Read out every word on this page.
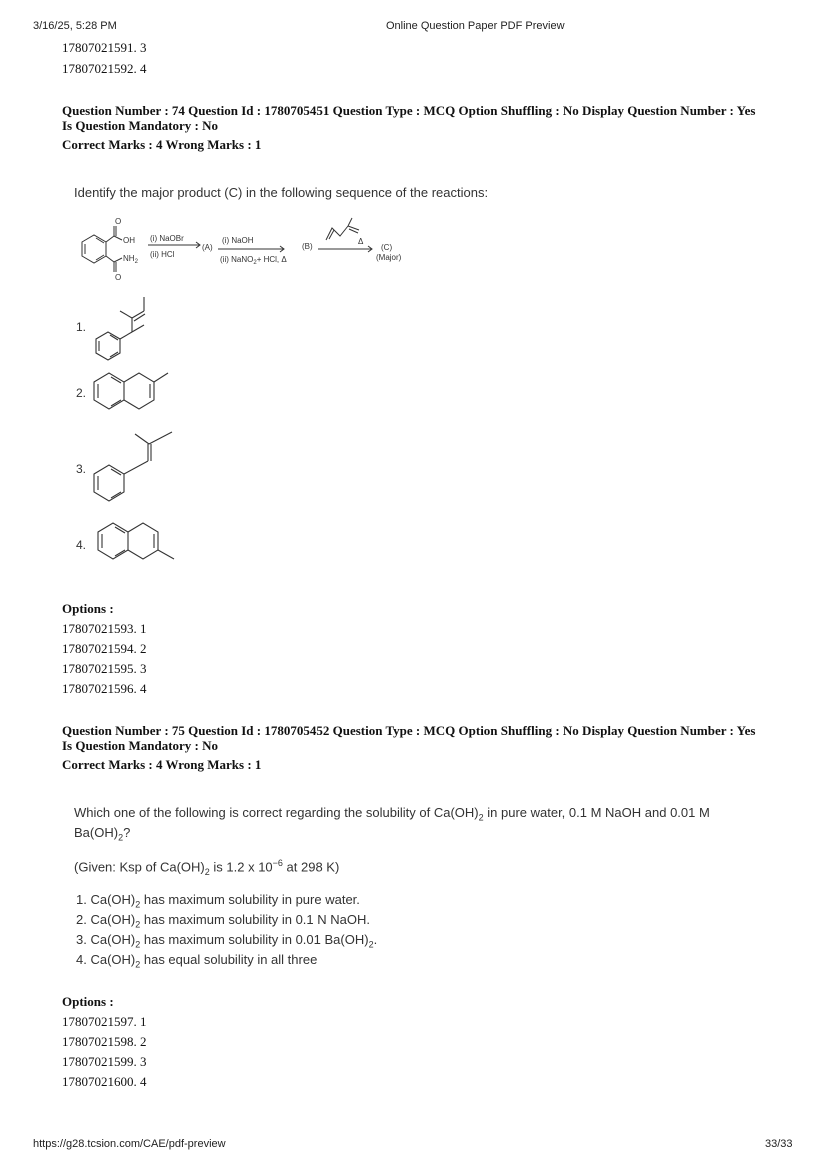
3/16/25, 5:28 PM	Online Question Paper PDF Preview
17807021591. 3
17807021592. 4
Question Number : 74 Question Id : 1780705451 Question Type : MCQ Option Shuffling : No Display Question Number : Yes
Is Question Mandatory : No
Correct Marks : 4 Wrong Marks : 1
Identify the major product (C) in the following sequence of the reactions:
O
OH
$NH_2$
O
(i) NaOBr
(ii) HCl
(A)
(i) NaOH
(ii) NaNO$_2$+ HCl, Δ
(B)
Δ
(C)
(Major)
1.
2.
3.
4.
Options :
17807021593. 1
17807021594. 2
17807021595. 3
17807021596. 4
Question Number : 75 Question Id : 1780705452 Question Type : MCQ Option Shuffling : No Display Question Number : Yes
Is Question Mandatory : No
Correct Marks : 4 Wrong Marks : 1
Which one of the following is correct regarding the solubility of $Ca(OH)_2$ in pure water, 0.1 M NaOH and 0.01 M
$Ba(OH)_2$?
(Given: Ksp of $Ca(OH)_2$ is 1.2 x $10^{-6}$ at 298 K)
1. $Ca(OH)_2$ has maximum solubility in pure water.
2. $Ca(OH)_2$ has maximum solubility in 0.1 N NaOH.
3. $Ca(OH)_2$ has maximum solubility in 0.01 $Ba(OH)_2$.
4. $Ca(OH)_2$ has equal solubility in all three
Options :
17807021597. 1
17807021598. 2
17807021599. 3
17807021600. 4
https://g28.tcsion.com/CAE/pdf-preview	33/33
